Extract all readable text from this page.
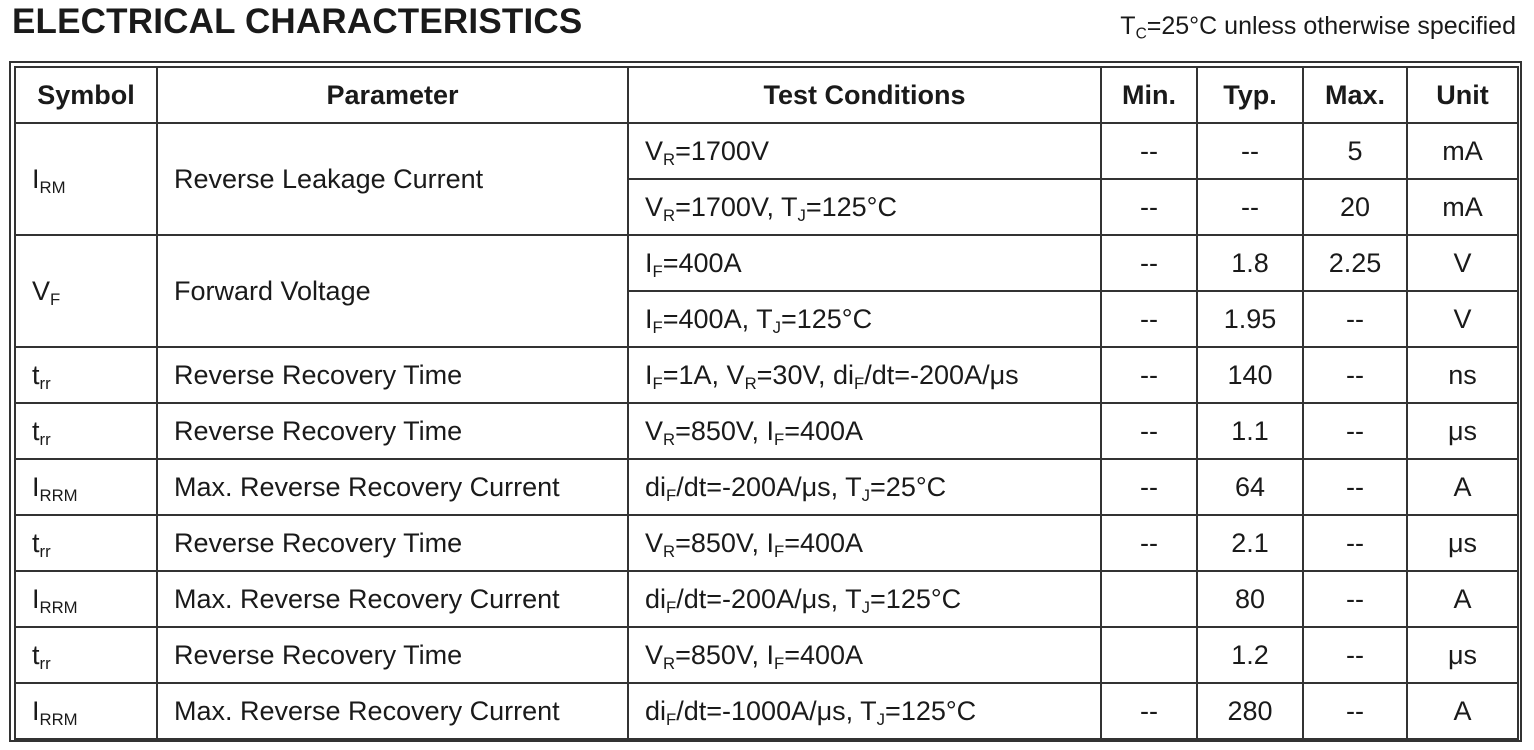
ELECTRICAL CHARACTERISTICS	$T_C=25^\circ C$ unless otherwise specified
Symbol	Parameter	Test Conditions	Min.	Typ.	Max.	Unit
$I_{RM}$	Reverse Leakage Current	$V_R=1700V$	--	--	5	mA
		$V_R=1700V$, $T_J=125^\circ C$	--	--	20	mA
$V_F$	Forward Voltage	$I_F=400A$	--	1.8	2.25	V
		$I_F=400A$, $T_J=125^\circ C$	--	1.95	--	V
$t_{rr}$	Reverse Recovery Time	$I_F=1A$, $V_R=30V$, $di_F/dt=-200A/\mu s$	--	140	--	ns
$t_{rr}$	Reverse Recovery Time	$V_R=850V$, $I_F=400A$	--	1.1	--	μs
$I_{RRM}$	Max. Reverse Recovery Current	$di_F/dt=-200A/\mu s$, $T_J=25^\circ C$	--	64	--	A
$t_{rr}$	Reverse Recovery Time	$V_R=850V$, $I_F=400A$	--	2.1	--	μs
$I_{RRM}$	Max. Reverse Recovery Current	$di_F/dt=-200A/\mu s$, $T_J=125^\circ C$		80	--	A
$t_{rr}$	Reverse Recovery Time	$V_R=850V$, $I_F=400A$		1.2	--	μs
$I_{RRM}$	Max. Reverse Recovery Current	$di_F/dt=-1000A/\mu s$, $T_J=125^\circ C$	--	280	--	A
